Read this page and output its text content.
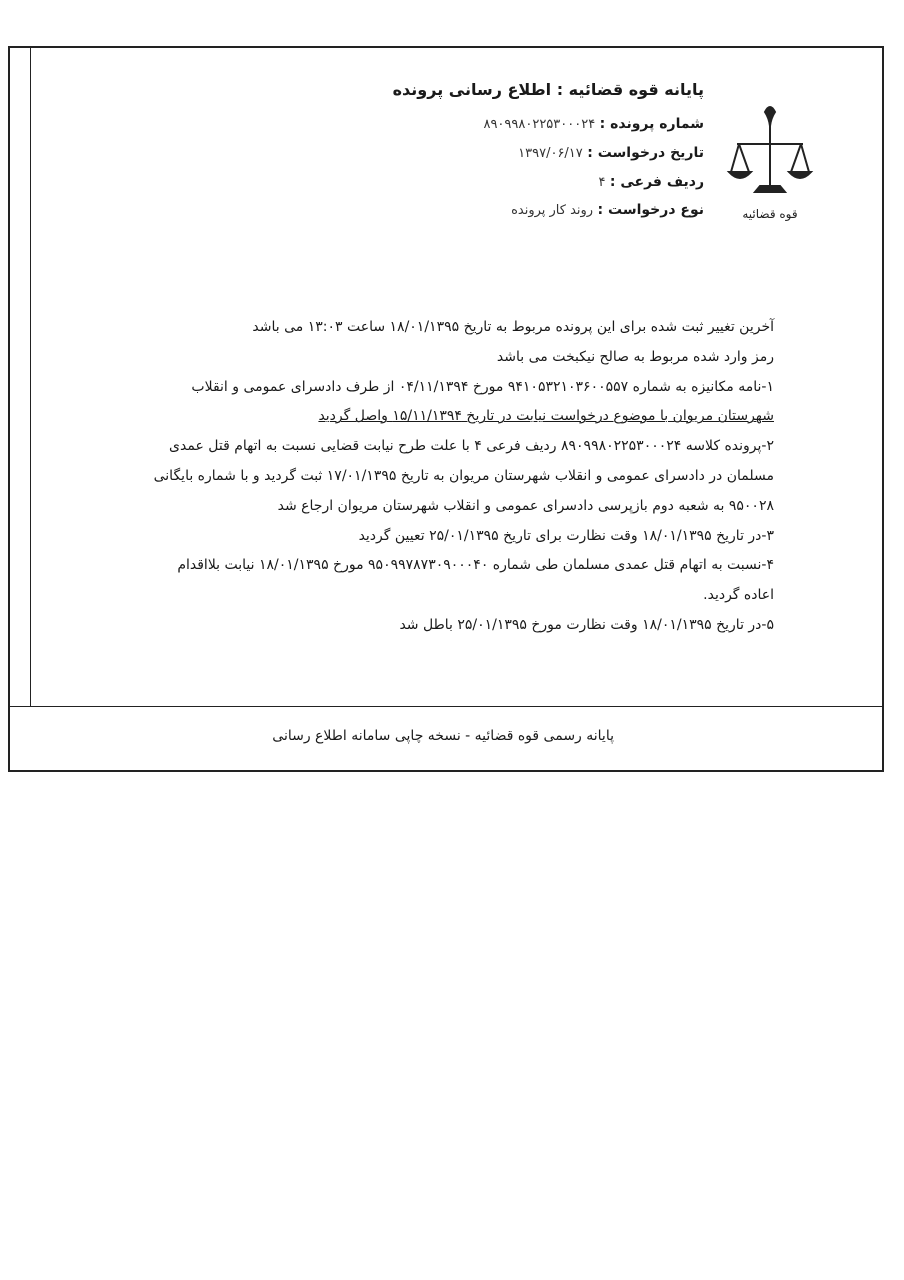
قوه قضائیه

پایانه قوه قضائیه : اطلاع رسانی پرونده

شماره پرونده : ۸۹۰۹۹۸۰۲۲۵۳۰۰۰۲۴

تاریخ درخواست : ۱۳۹۷/۰۶/۱۷

ردیف فرعی : ۴

نوع درخواست : روند کار پرونده

آخرین تغییر ثبت شده برای این پرونده مربوط به تاریخ ۱۸/۰۱/۱۳۹۵ ساعت ۱۳:۰۳ می باشد

رمز وارد شده مربوط به صالح نیکبخت می باشد

۱-نامه مکانیزه به شماره ۹۴۱۰۵۳۲۱۰۳۶۰۰۵۵۷ مورخ ۰۴/۱۱/۱۳۹۴ از طرف دادسرای عمومی و انقلاب

شهرستان مریوان با موضوع درخواست نیابت در تاریخ ۱۵/۱۱/۱۳۹۴ واصل گردید

۲-پرونده کلاسه ۸۹۰۹۹۸۰۲۲۵۳۰۰۰۲۴ ردیف فرعی ۴ با علت طرح نیابت قضایی نسبت به اتهام قتل عمدی

مسلمان در دادسرای عمومی و انقلاب شهرستان مریوان به تاریخ ۱۷/۰۱/۱۳۹۵ ثبت گردید و با شماره بایگانی

۹۵۰۰۲۸ به شعبه دوم بازپرسی دادسرای عمومی و انقلاب شهرستان مریوان ارجاع شد

۳-در تاریخ ۱۸/۰۱/۱۳۹۵ وقت نظارت برای تاریخ ۲۵/۰۱/۱۳۹۵ تعیین گردید

۴-نسبت به اتهام قتل عمدی مسلمان طی شماره ۹۵۰۹۹۷۸۷۳۰۹۰۰۰۴۰ مورخ ۱۸/۰۱/۱۳۹۵ نیابت بلااقدام

اعاده گردید.

۵-در تاریخ ۱۸/۰۱/۱۳۹۵ وقت نظارت مورخ ۲۵/۰۱/۱۳۹۵ باطل شد

پایانه رسمی قوه قضائیه - نسخه چاپی سامانه اطلاع رسانی
